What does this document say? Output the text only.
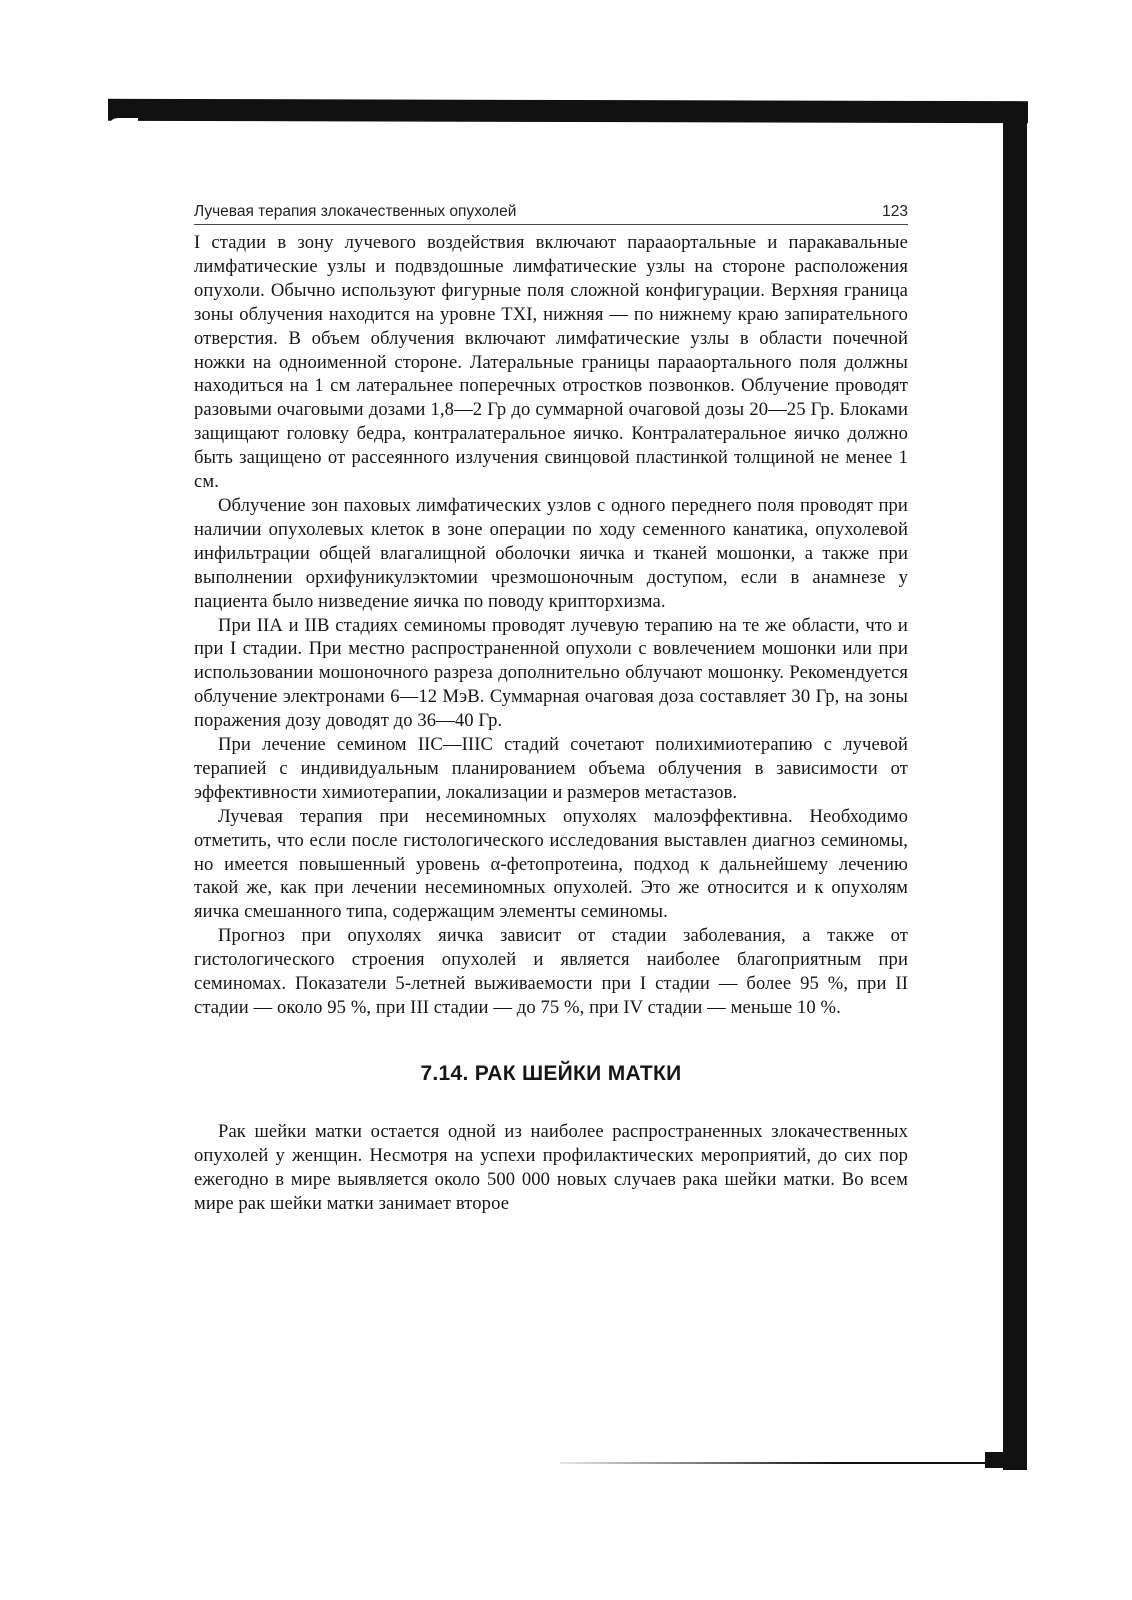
Лучевая терапия злокачественных опухолей	123

I стадии в зону лучевого воздействия включают парааортальные и паракавальные лимфатические узлы и подвздошные лимфатические узлы на стороне расположения опухоли. Обычно используют фигурные поля сложной конфигурации. Верхняя граница зоны облучения находится на уровне TXI, нижняя — по нижнему краю запирательного отверстия. В объем облучения включают лимфатические узлы в области почечной ножки на одноименной стороне. Латеральные границы парааортального поля должны находиться на 1 см латеральнее поперечных отростков позвонков. Облучение проводят разовыми очаговыми дозами 1,8—2 Гр до суммарной очаговой дозы 20—25 Гр. Блоками защищают головку бедра, контралатеральное яичко. Контралатеральное яичко должно быть защищено от рассеянного излучения свинцовой пластинкой толщиной не менее 1 см.

Облучение зон паховых лимфатических узлов с одного переднего поля проводят при наличии опухолевых клеток в зоне операции по ходу семенного канатика, опухолевой инфильтрации общей влагалищной оболочки яичка и тканей мошонки, а также при выполнении орхифуникулэктомии чрезмошоночным доступом, если в анамнезе у пациента было низведение яичка по поводу крипторхизма.

При IIА и IIВ стадиях семиномы проводят лучевую терапию на те же области, что и при I стадии. При местно распространенной опухоли с вовлечением мошонки или при использовании мошоночного разреза дополнительно облучают мошонку. Рекомендуется облучение электронами 6—12 МэВ. Суммарная очаговая доза составляет 30 Гр, на зоны поражения дозу доводят до 36—40 Гр.

При лечение семином IIС—IIIС стадий сочетают полихимиотерапию с лучевой терапией с индивидуальным планированием объема облучения в зависимости от эффективности химиотерапии, локализации и размеров метастазов.

Лучевая терапия при несеминомных опухолях малоэффективна. Необходимо отметить, что если после гистологического исследования выставлен диагноз семиномы, но имеется повышенный уровень α-фетопротеина, подход к дальнейшему лечению такой же, как при лечении несеминомных опухолей. Это же относится и к опухолям яичка смешанного типа, содержащим элементы семиномы.

Прогноз при опухолях яичка зависит от стадии заболевания, а также от гистологического строения опухолей и является наиболее благоприятным при семиномах. Показатели 5-летней выживаемости при I стадии — более 95 %, при II стадии — около 95 %, при III стадии — до 75 %, при IV стадии — меньше 10 %.

7.14. РАК ШЕЙКИ МАТКИ

Рак шейки матки остается одной из наиболее распространенных злокачественных опухолей у женщин. Несмотря на успехи профилактических мероприятий, до сих пор ежегодно в мире выявляется около 500 000 новых случаев рака шейки матки. Во всем мире рак шейки матки занимает второе
